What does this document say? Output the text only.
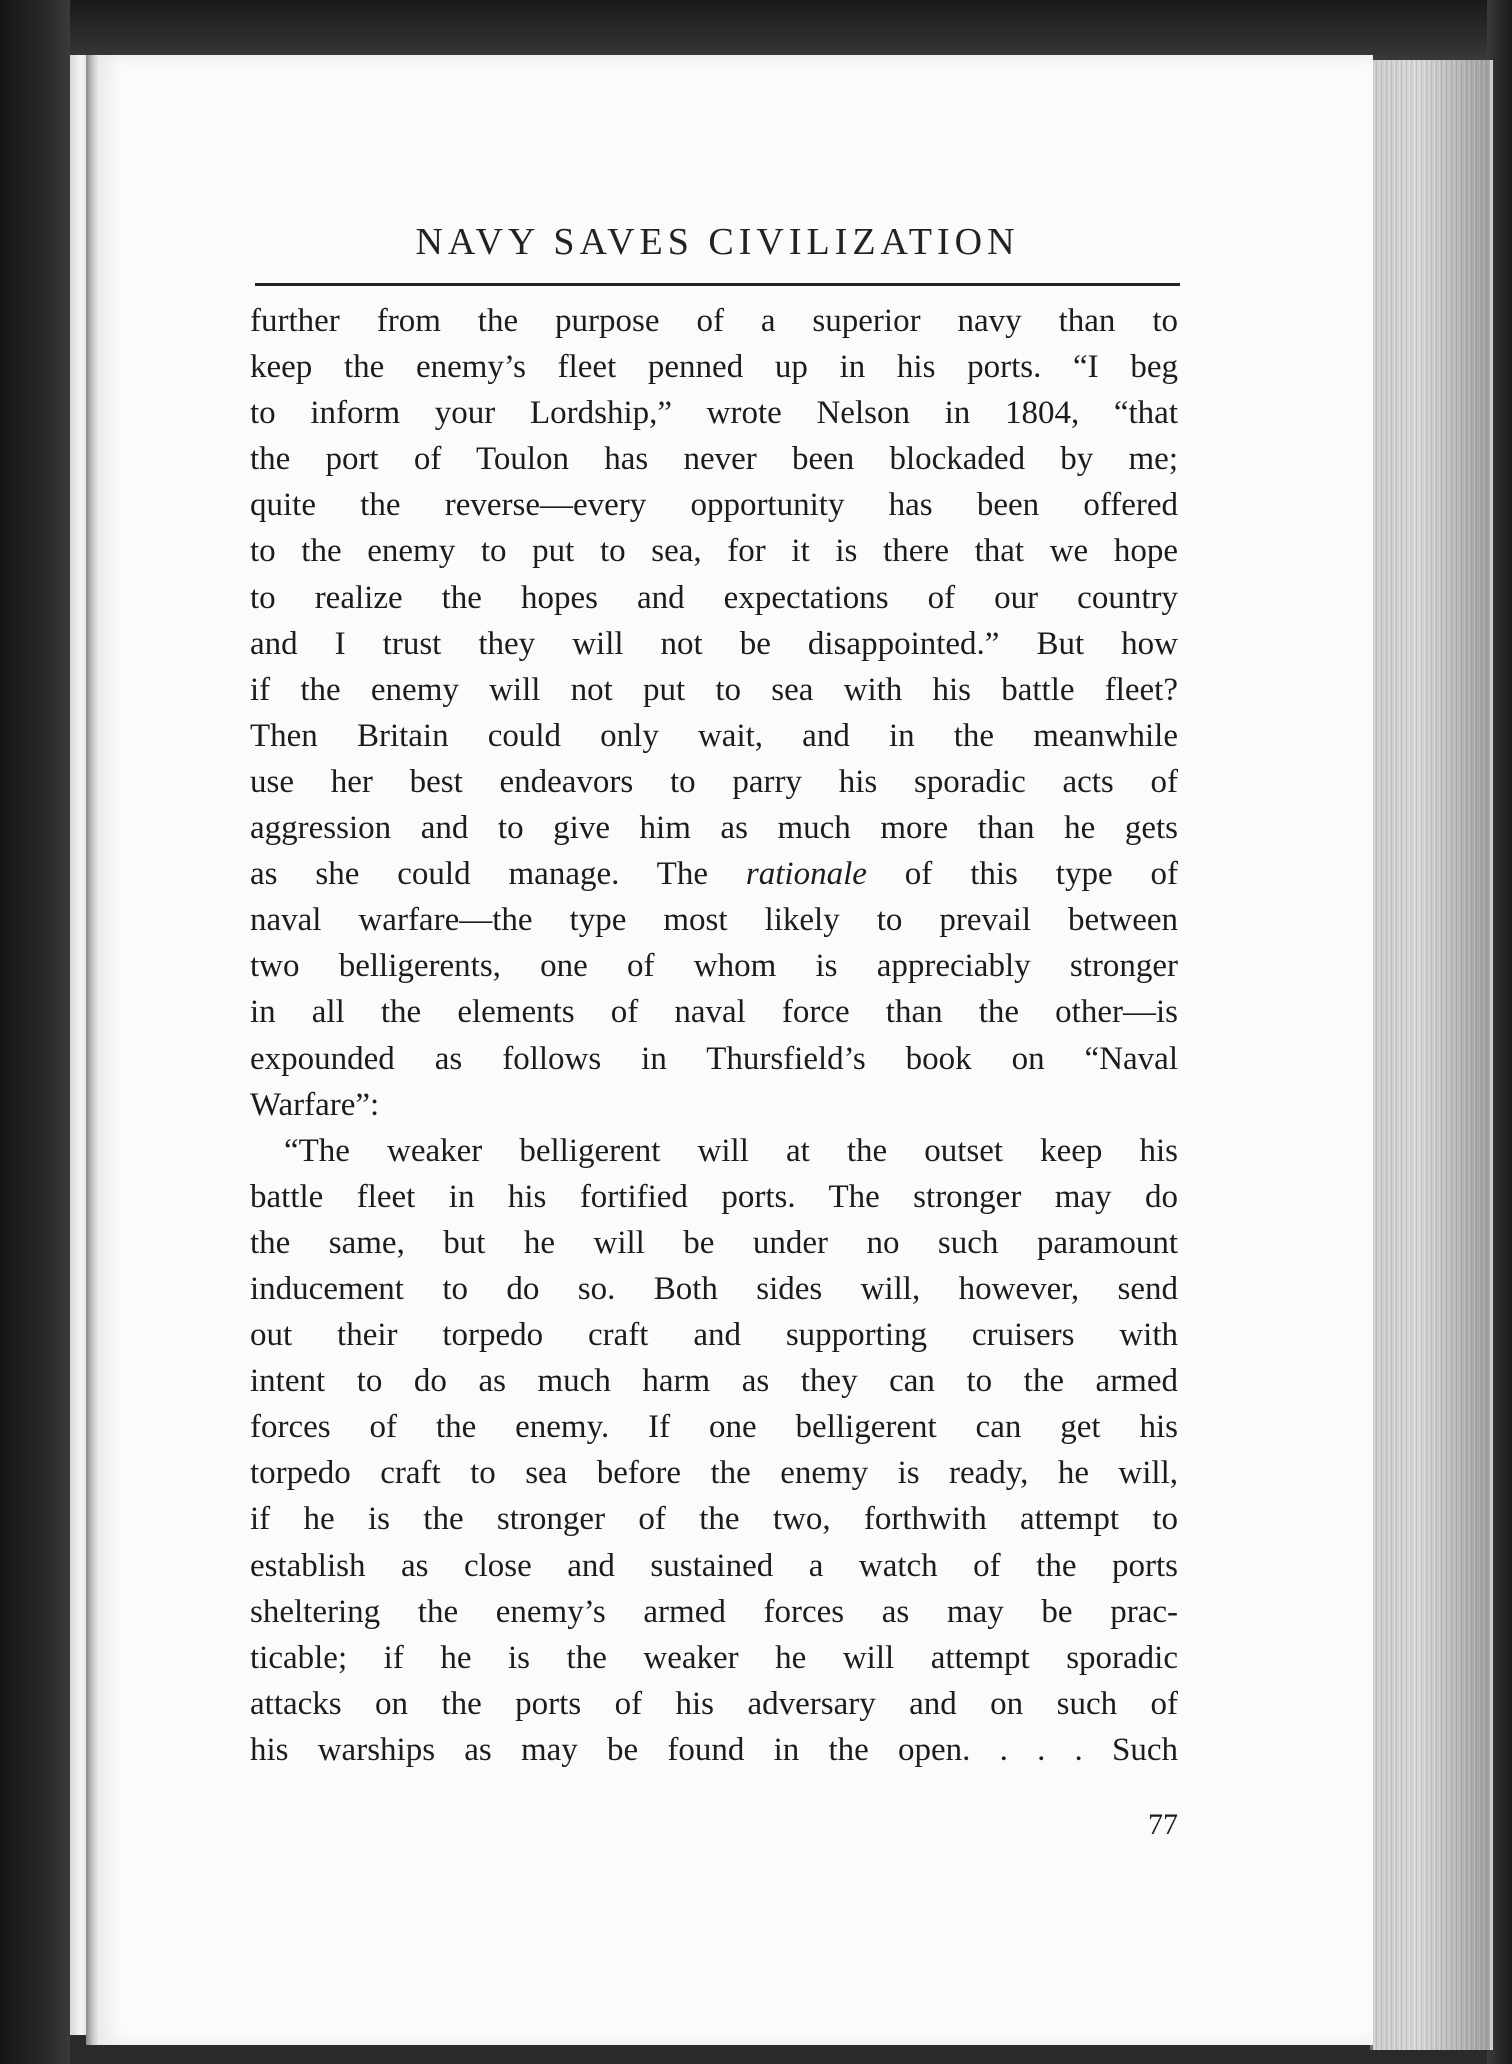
NAVY SAVES CIVILIZATION
further from the purpose of a superior navy than to
keep the enemy’s fleet penned up in his ports. “I beg
to inform your Lordship,” wrote Nelson in 1804, “that
the port of Toulon has never been blockaded by me;
quite the reverse—every opportunity has been offered
to the enemy to put to sea, for it is there that we hope
to realize the hopes and expectations of our country
and I trust they will not be disappointed.” But how
if the enemy will not put to sea with his battle fleet?
Then Britain could only wait, and in the meanwhile
use her best endeavors to parry his sporadic acts of
aggression and to give him as much more than he gets
as she could manage. The rationale of this type of
naval warfare—the type most likely to prevail between
two belligerents, one of whom is appreciably stronger
in all the elements of naval force than the other—is
expounded as follows in Thursfield’s book on “Naval
Warfare”:
“The weaker belligerent will at the outset keep his
battle fleet in his fortified ports. The stronger may do
the same, but he will be under no such paramount
inducement to do so. Both sides will, however, send
out their torpedo craft and supporting cruisers with
intent to do as much harm as they can to the armed
forces of the enemy. If one belligerent can get his
torpedo craft to sea before the enemy is ready, he will,
if he is the stronger of the two, forthwith attempt to
establish as close and sustained a watch of the ports
sheltering the enemy’s armed forces as may be prac-
ticable; if he is the weaker he will attempt sporadic
attacks on the ports of his adversary and on such of
his warships as may be found in the open. . . . Such
77
